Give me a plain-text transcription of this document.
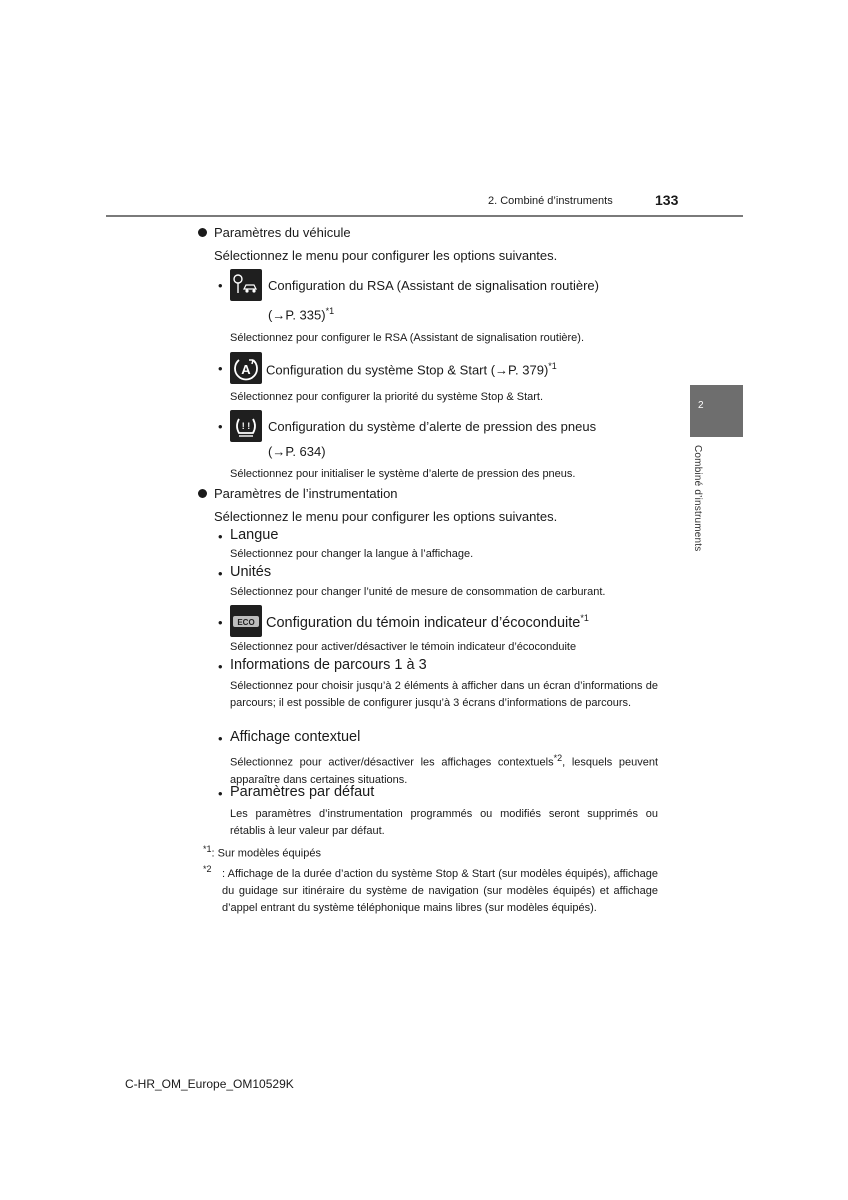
2. Combiné d’instruments	133
2
Combiné d’instruments
Paramètres du véhicule
Sélectionnez le menu pour configurer les options suivantes.
•	Configuration du RSA (Assistant de signalisation routière)
(→P. 335)$^{*1}$
Sélectionnez pour configurer le RSA (Assistant de signalisation routière).
• A Configuration du système Stop & Start (→P. 379)$^{*1}$
Sélectionnez pour configurer la priorité du système Stop & Start.
• ! ! Configuration du système d’alerte de pression des pneus
(→P. 634)
Sélectionnez pour initialiser le système d’alerte de pression des pneus.
Paramètres de l’instrumentation
Sélectionnez le menu pour configurer les options suivantes.
• Langue
Sélectionnez pour changer la langue à l’affichage.
• Unités
Sélectionnez pour changer l’unité de mesure de consommation de carburant.
• ECO Configuration du témoin indicateur d’écoconduite$^{*1}$
Sélectionnez pour activer/désactiver le témoin indicateur d’écoconduite
• Informations de parcours 1 à 3
Sélectionnez pour choisir jusqu’à 2 éléments à afficher dans un écran d’informations de parcours; il est possible de configurer jusqu’à 3 écrans d’informations de parcours.
• Affichage contextuel
Sélectionnez pour activer/désactiver les affichages contextuels$^{*2}$, lesquels peuvent apparaître dans certaines situations.
• Paramètres par défaut
Les paramètres d’instrumentation programmés ou modifiés seront supprimés ou rétablis à leur valeur par défaut.
$^{*1}$: Sur modèles équipés
$^{*2}$ : Affichage de la durée d’action du système Stop & Start (sur modèles équipés), affichage du guidage sur itinéraire du système de navigation (sur modèles équipés) et affichage d’appel entrant du système téléphonique mains libres (sur modèles équipés).
C-HR_OM_Europe_OM10529K
